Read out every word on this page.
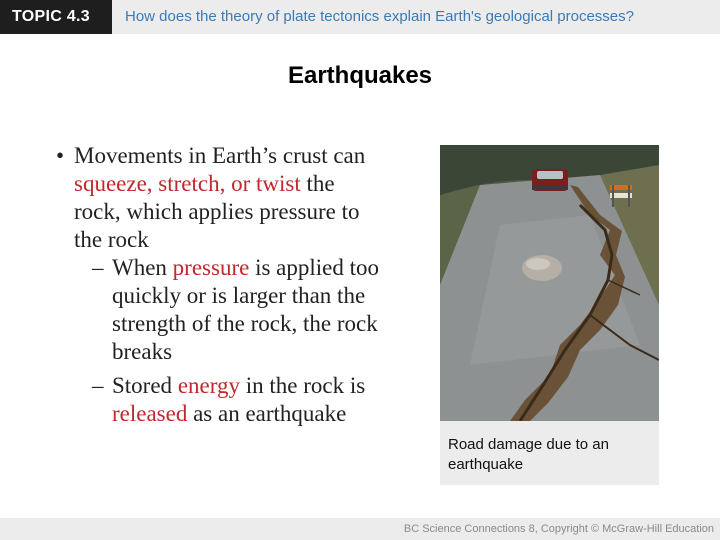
TOPIC 4.3	How does the theory of plate tectonics explain Earth's geological processes?
Earthquakes

• Movements in Earth’s crust can squeeze, stretch, or twist the rock, which applies pressure to the rock

– When pressure is applied too quickly or is larger than the strength of the rock, the rock breaks

– Stored energy in the rock is released as an earthquake

Road damage due to an earthquake
BC Science Connections 8, Copyright © McGraw-Hill Education
